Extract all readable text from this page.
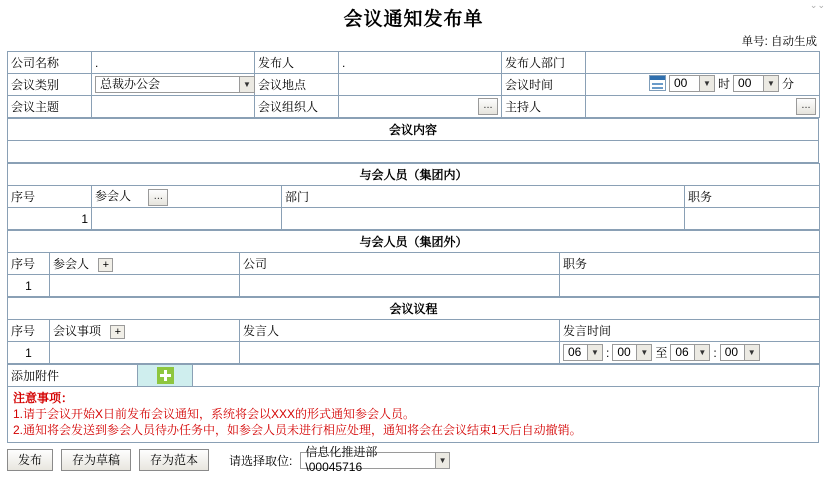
⌄⌄
会议通知发布单
单号: 自动生成
公司名称	.	发布人	.	发布人部门	
会议类别	总裁办公会	▼	会议地点		会议时间	00	▼ 时 00	▼ 分

会议主题		会议组织人	...	主持人	...
会议内容

与会人员（集团内）			
序号	参会人 ...	部门	职务
1			
与会人员（集团外）			
序号	参会人 +	公司	职务
1			
会议议程			
序号	会议事项 +	发言人	发言时间
1			06	▼ : 00	▼ 至 06	▼ : 00	▼
添加附件		
注意事项：
1.请于会议开始X日前发布会议通知，系统将会以XXX的形式通知参会人员。
2.通知将会发送到参会人员待办任务中，如参会人员未进行相应处理，通知将会在会议结束1天后自动撤销。
发布	存为草稿	存为范本	请选择取位:
信息化推进部\00045716	▼
